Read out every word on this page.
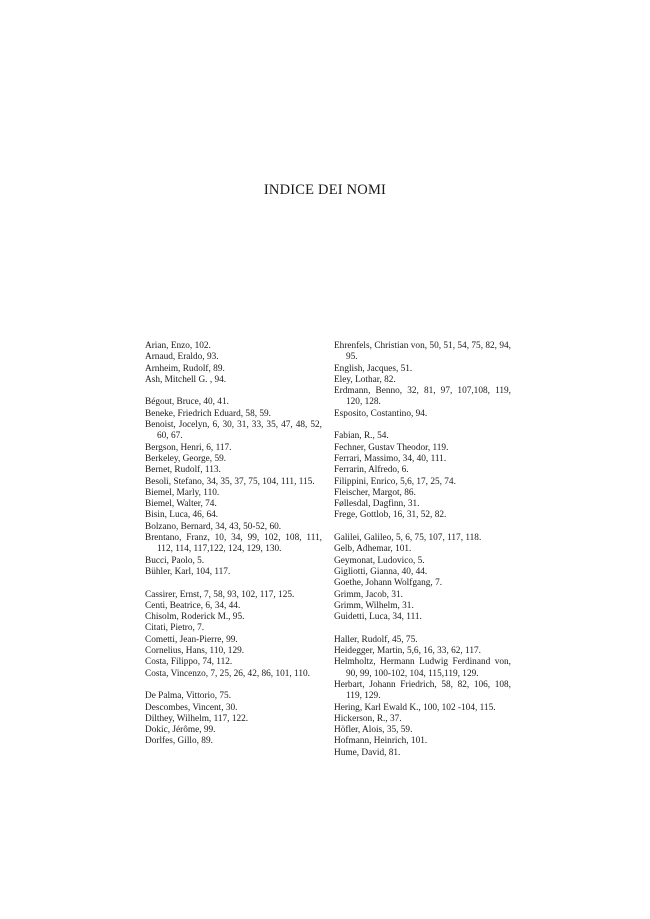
INDICE DEI NOMI
Arian, Enzo, 102.
Arnaud, Eraldo, 93.
Arnheim, Rudolf, 89.
Ash, Mitchell G. , 94.
Bégout, Bruce, 40, 41.
Beneke, Friedrich Eduard, 58, 59.
Benoist, Jocelyn, 6, 30, 31, 33, 35, 47, 48, 52, 60, 67.
Bergson, Henri, 6, 117.
Berkeley, George, 59.
Bernet, Rudolf, 113.
Besoli, Stefano, 34, 35, 37, 75, 104, 111, 115.
Biemel, Marly, 110.
Biemel, Walter, 74.
Bisin, Luca, 46, 64.
Bolzano, Bernard, 34, 43, 50-52, 60.
Brentano, Franz, 10, 34, 99, 102, 108, 111, 112, 114, 117,122, 124, 129, 130.
Bucci, Paolo, 5.
Bühler, Karl, 104, 117.
Cassirer, Ernst, 7, 58, 93, 102, 117, 125.
Centi, Beatrice, 6, 34, 44.
Chisolm, Roderick M., 95.
Citati, Pietro, 7.
Cometti, Jean-Pierre, 99.
Cornelius, Hans, 110, 129.
Costa, Filippo, 74, 112.
Costa, Vincenzo, 7, 25, 26, 42, 86, 101, 110.
De Palma, Vittorio, 75.
Descombes, Vincent, 30.
Dilthey, Wilhelm, 117, 122.
Dokic, Jérôme, 99.
Dorlfes, Gillo, 89.
Ehrenfels, Christian von, 50, 51, 54, 75, 82, 94, 95.
English, Jacques, 51.
Eley, Lothar, 82.
Erdmann, Benno, 32, 81, 97, 107,108, 119, 120, 128.
Esposito, Costantino, 94.
Fabian, R., 54.
Fechner, Gustav Theodor, 119.
Ferrari, Massimo, 34, 40, 111.
Ferrarin, Alfredo, 6.
Filippini, Enrico, 5,6, 17, 25, 74.
Fleischer, Margot, 86.
Føllesdal, Dagfinn, 31.
Frege, Gottlob, 16, 31, 52, 82.
Galilei, Galileo, 5, 6, 75, 107, 117, 118.
Gelb, Adhemar, 101.
Geymonat, Ludovico, 5.
Gigliotti, Gianna, 40, 44.
Goethe, Johann Wolfgang, 7.
Grimm, Jacob, 31.
Grimm, Wilhelm, 31.
Guidetti, Luca, 34, 111.
Haller, Rudolf, 45, 75.
Heidegger, Martin, 5,6, 16, 33, 62, 117.
Helmholtz, Hermann Ludwig Ferdinand von, 90, 99, 100-102, 104, 115,119, 129.
Herbart, Johann Friedrich, 58, 82, 106, 108, 119, 129.
Hering, Karl Ewald K., 100, 102 -104, 115.
Hickerson, R., 37.
Höfler, Alois, 35, 59.
Hofmann, Heinrich, 101.
Hume, David, 81.
